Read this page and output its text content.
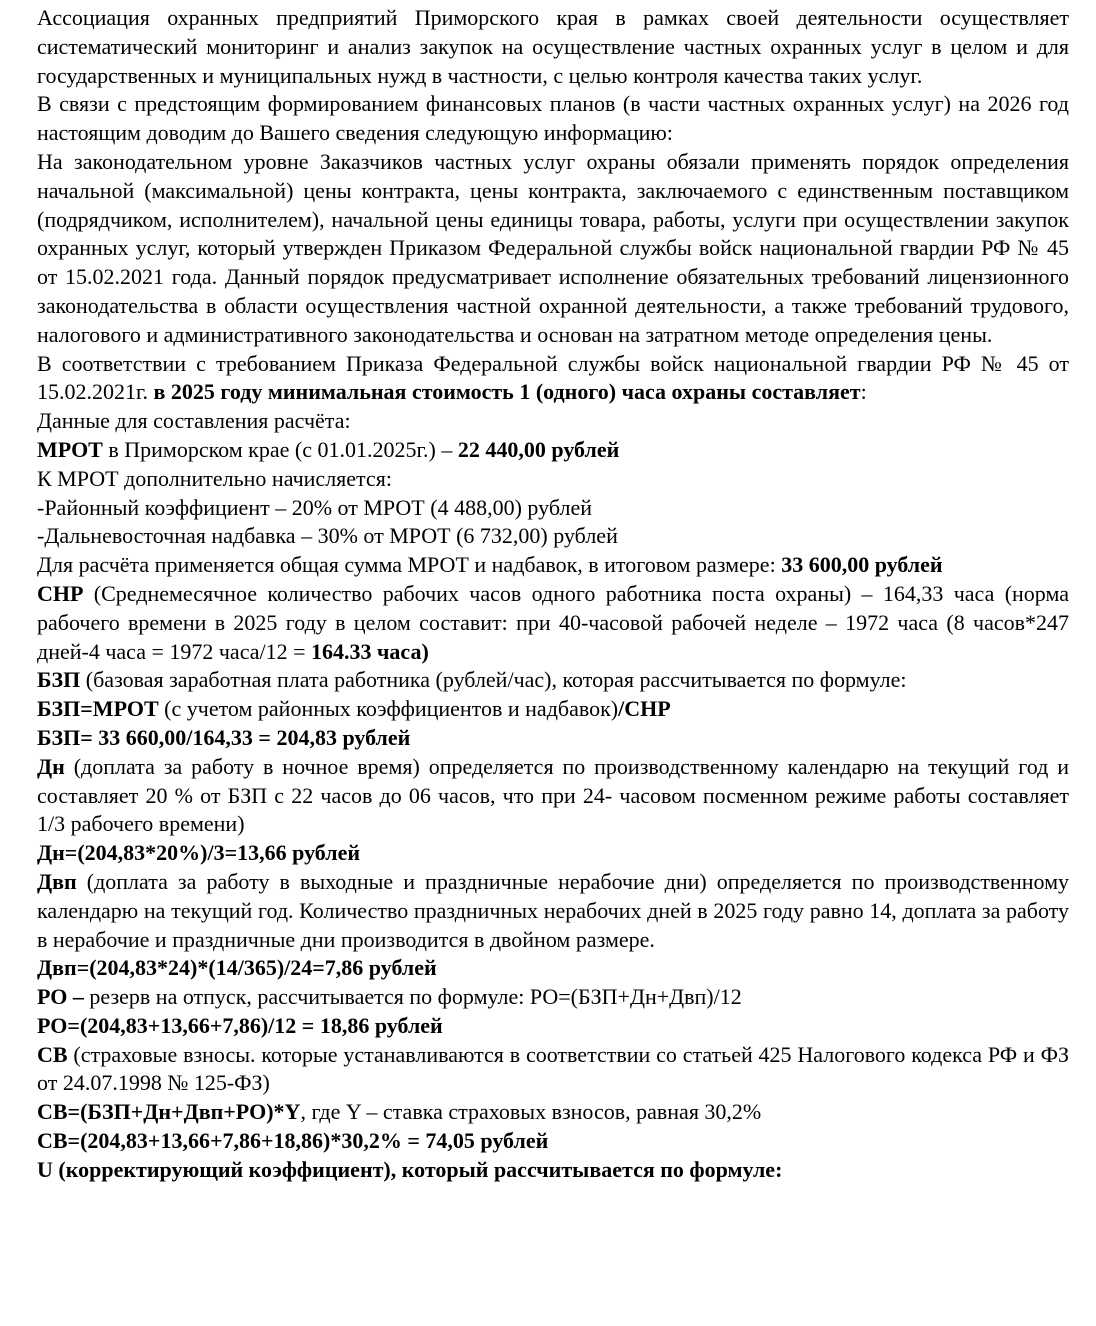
Ассоциация охранных предприятий Приморского края в рамках своей деятельности осуществляет систематический мониторинг и анализ закупок на осуществление частных охранных услуг в целом и для государственных и муниципальных нужд в частности, с целью контроля качества таких услуг.

В связи с предстоящим формированием финансовых планов (в части частных охранных услуг) на 2026 год настоящим доводим до Вашего сведения следующую информацию:

На законодательном уровне Заказчиков частных услуг охраны обязали применять порядок определения начальной (максимальной) цены контракта, цены контракта, заключаемого с единственным поставщиком (подрядчиком, исполнителем), начальной цены единицы товара, работы, услуги при осуществлении закупок охранных услуг, который утвержден Приказом Федеральной службы войск национальной гвардии РФ № 45 от 15.02.2021 года. Данный порядок предусматривает исполнение обязательных требований лицензионного законодательства в области осуществления частной охранной деятельности, а также требований трудового, налогового и административного законодательства и основан на затратном методе определения цены.

В соответствии с требованием Приказа Федеральной службы войск национальной гвардии РФ № 45 от 15.02.2021г. в 2025 году минимальная стоимость 1 (одного) часа охраны составляет:

Данные для составления расчёта:

МРОТ в Приморском крае (с 01.01.2025г.) – 22 440,00 рублей

К МРОТ дополнительно начисляется:

-Районный коэффициент – 20% от МРОТ (4 488,00) рублей

-Дальневосточная надбавка – 30% от МРОТ (6 732,00) рублей

Для расчёта применяется общая сумма МРОТ и надбавок, в итоговом размере: 33 600,00 рублей

СНР (Среднемесячное количество рабочих часов одного работника поста охраны) – 164,33 часа (норма рабочего времени в 2025 году в целом составит: при 40-часовой рабочей неделе – 1972 часа (8 часов*247 дней-4 часа = 1972 часа/12 = 164.33 часа)

БЗП (базовая заработная плата работника (рублей/час), которая рассчитывается по формуле:

БЗП=МРОТ (с учетом районных коэффициентов и надбавок)/СНР

БЗП= 33 660,00/164,33 = 204,83 рублей

Дн (доплата за работу в ночное время) определяется по производственному календарю на текущий год и составляет 20 % от БЗП с 22 часов до 06 часов, что при 24- часовом посменном режиме работы составляет 1/3 рабочего времени)

Дн=(204,83*20%)/3=13,66 рублей

Двп (доплата за работу в выходные и праздничные нерабочие дни) определяется по производственному календарю на текущий год. Количество праздничных нерабочих дней в 2025 году равно 14, доплата за работу в нерабочие и праздничные дни производится в двойном размере.

Двп=(204,83*24)*(14/365)/24=7,86 рублей

РО – резерв на отпуск, рассчитывается по формуле: РО=(БЗП+Дн+Двп)/12

РО=(204,83+13,66+7,86)/12 = 18,86 рублей

СВ (страховые взносы. которые устанавливаются в соответствии со статьей 425 Налогового кодекса РФ и ФЗ от 24.07.1998 № 125-ФЗ)

СВ=(БЗП+Дн+Двп+РО)*Y, где Y – ставка страховых взносов, равная 30,2%

СВ=(204,83+13,66+7,86+18,86)*30,2% = 74,05 рублей

U (корректирующий коэффициент), который рассчитывается по формуле:
